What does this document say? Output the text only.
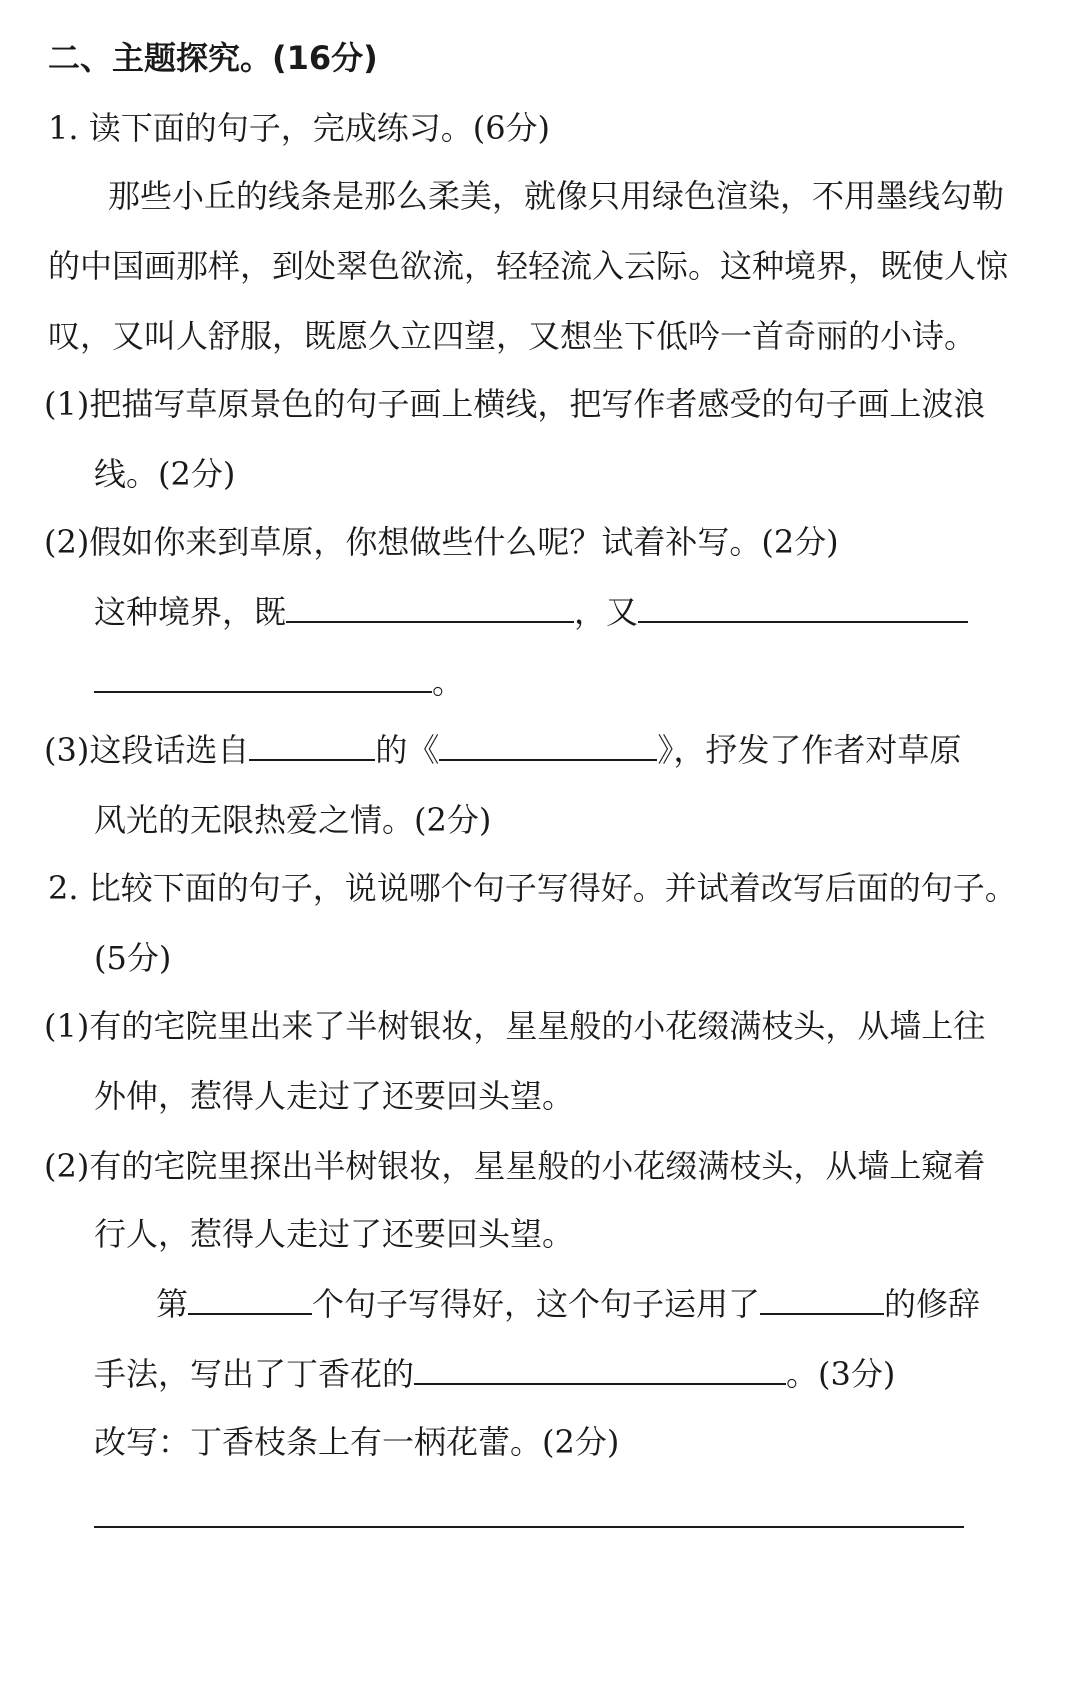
二、主题探究。(16分)
1. 读下面的句子，完成练习。(6分)
那些小丘的线条是那么柔美，就像只用绿色渲染，不用墨线勾勒
的中国画那样，到处翠色欲流，轻轻流入云际。这种境界，既使人惊
叹，又叫人舒服，既愿久立四望，又想坐下低吟一首奇丽的小诗。
(1)把描写草原景色的句子画上横线，把写作者感受的句子画上波浪
线。(2分)
(2)假如你来到草原，你想做些什么呢？试着补写。(2分)
这种境界，既	，又
。
(3)这段话选自	的《	》，抒发了作者对草原
风光的无限热爱之情。(2分)
2. 比较下面的句子，说说哪个句子写得好。并试着改写后面的句子。
(5分)
(1)有的宅院里出来了半树银妆，星星般的小花缀满枝头，从墙上往
外伸，惹得人走过了还要回头望。
(2)有的宅院里探出半树银妆，星星般的小花缀满枝头，从墙上窥着
行人，惹得人走过了还要回头望。
第	个句子写得好，这个句子运用了	的修辞
手法，写出了丁香花的	。(3分)
改写：丁香枝条上有一柄花蕾。(2分)
